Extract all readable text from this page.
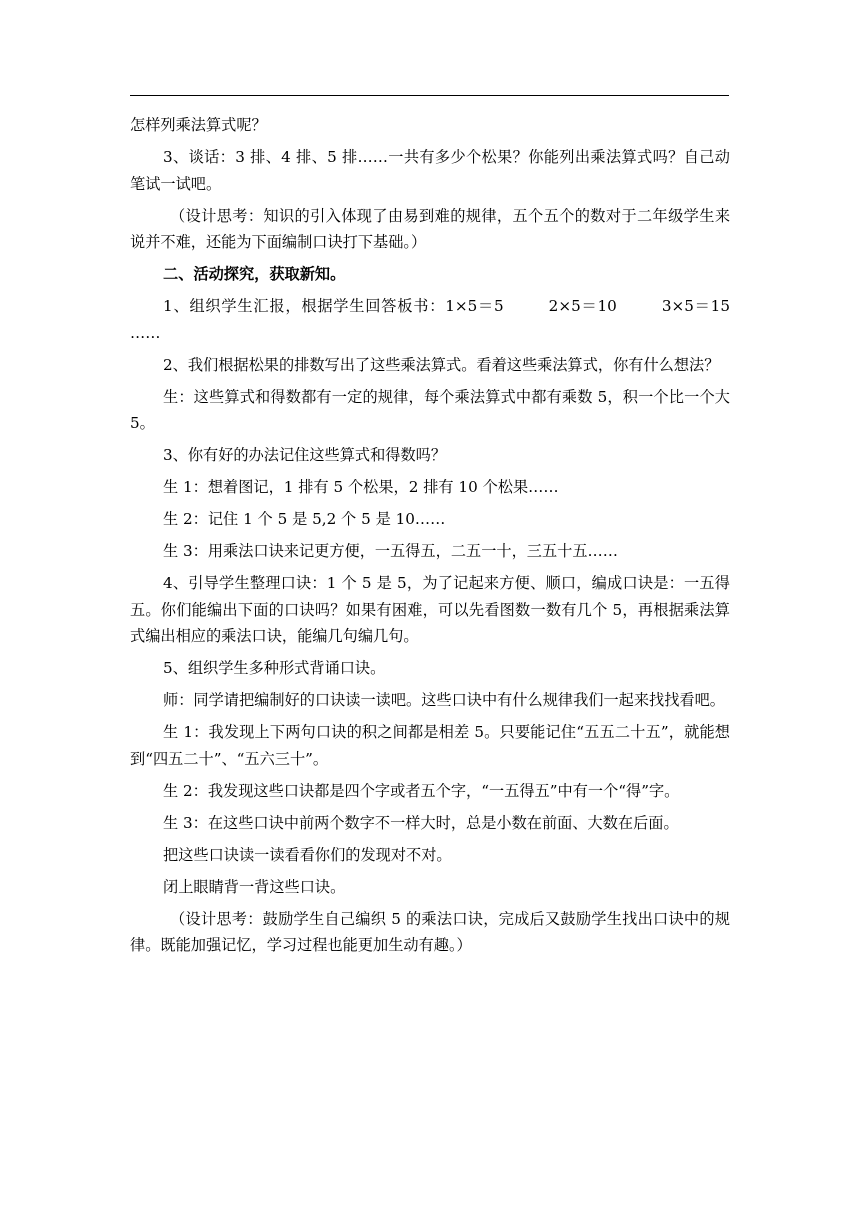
怎样列乘法算式呢？

3、谈话：3 排、4 排、5 排……一共有多少个松果？你能列出乘法算式吗？自己动笔试一试吧。

（设计思考：知识的引入体现了由易到难的规律，五个五个的数对于二年级学生来说并不难，还能为下面编制口诀打下基础。）

二、活动探究，获取新知。

1、组织学生汇报，根据学生回答板书：1×5＝5        2×5＝10        3×5＝15     ……

2、我们根据松果的排数写出了这些乘法算式。看着这些乘法算式，你有什么想法？

生：这些算式和得数都有一定的规律，每个乘法算式中都有乘数 5，积一个比一个大 5。

3、你有好的办法记住这些算式和得数吗？

生 1：想着图记，1 排有 5 个松果，2 排有 10 个松果……

生 2：记住 1 个 5 是 5,2 个 5 是 10……

生 3：用乘法口诀来记更方便，一五得五，二五一十，三五十五……

4、引导学生整理口诀：1 个 5 是 5，为了记起来方便、顺口，编成口诀是：一五得五。你们能编出下面的口诀吗？如果有困难，可以先看图数一数有几个 5，再根据乘法算式编出相应的乘法口诀，能编几句编几句。

5、组织学生多种形式背诵口诀。

师：同学请把编制好的口诀读一读吧。这些口诀中有什么规律我们一起来找找看吧。

生 1：我发现上下两句口诀的积之间都是相差 5。只要能记住“五五二十五”，就能想到“四五二十”、“五六三十”。

生 2：我发现这些口诀都是四个字或者五个字，“一五得五”中有一个“得”字。

生 3：在这些口诀中前两个数字不一样大时，总是小数在前面、大数在后面。

把这些口诀读一读看看你们的发现对不对。

闭上眼睛背一背这些口诀。

（设计思考：鼓励学生自己编织 5 的乘法口诀，完成后又鼓励学生找出口诀中的规律。既能加强记忆，学习过程也能更加生动有趣。）
